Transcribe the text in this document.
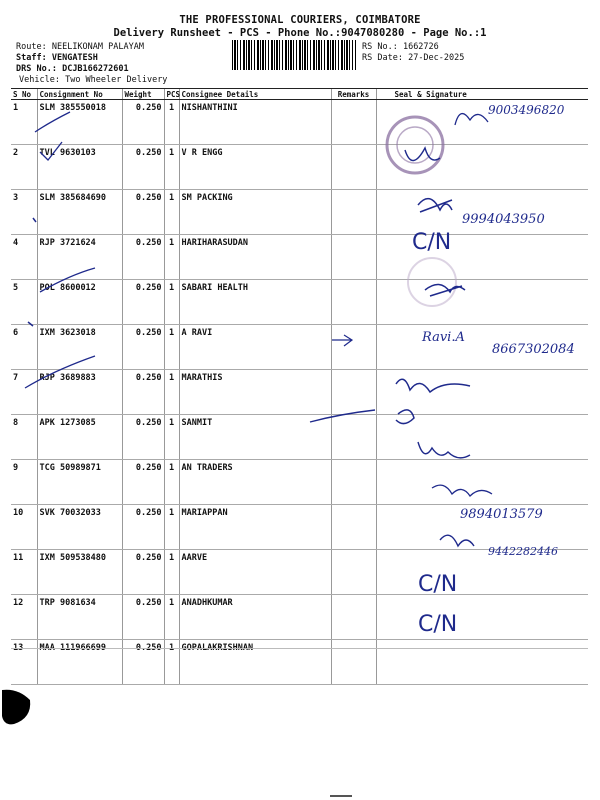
THE PROFESSIONAL COURIERS, COIMBATORE
Delivery Runsheet - PCS - Phone No.:9047080280 - Page No.:1
Route: NEELIKONAM PALAYAM
Staff: VENGATESH
DRS No.: DCJB166272601
Vehicle: Two Wheeler Delivery
RS No.: 1662726
RS Date: 27-Dec-2025
S No	Consignment No	Weight	PCS	Consignee Details	Remarks	Seal & Signature
1	SLM 385550018	0.250	1	NISHANTHINI		
2	TVL 9630103	0.250	1	V R ENGG		
3	SLM 385684690	0.250	1	SM PACKING		
4	RJP 3721624	0.250	1	HARIHARASUDAN		
5	POL 8600012	0.250	1	SABARI HEALTH		
6	IXM 3623018	0.250	1	A RAVI		
7	RJP 3689883	0.250	1	MARATHIS		
8	APK 1273085	0.250	1	SANMIT		
9	TCG 50989871	0.250	1	AN TRADERS		
10	SVK 70032033	0.250	1	MARIAPPAN		
11	IXM 509538480	0.250	1	AARVE		
12	TRP 9081634	0.250	1	ANADHKUMAR		
13	MAA 111966699	0.250	1	GOPALAKRISHNAN		
9003496820
9994043950
C/N
Ravi.A
8667302084
9894013579
9442282446
C/N
C/N
